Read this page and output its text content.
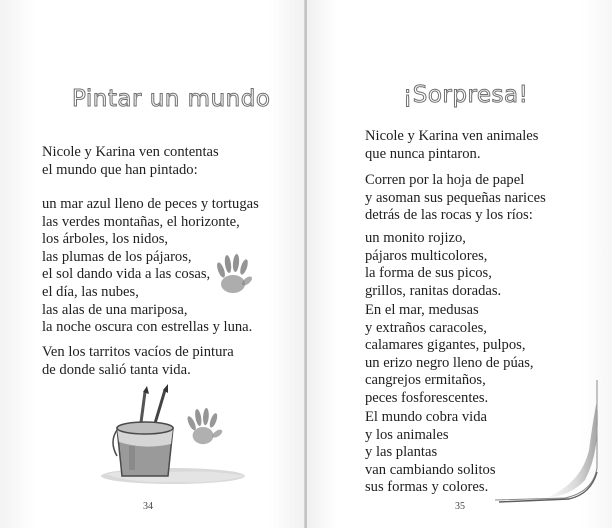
Pintar un mundo
Nicole y Karina ven contentas
el mundo que han pintado:
un mar azul lleno de peces y tortugas
las verdes montañas, el horizonte,
los árboles, los nidos,
las plumas de los pájaros,
el sol dando vida a las cosas,
el día, las nubes,
las alas de una mariposa,
la noche oscura con estrellas y luna.
Ven los tarritos vacíos de pintura
de donde salió tanta vida.
34
¡Sorpresa!
Nicole y Karina ven animales
que nunca pintaron.
Corren por la hoja de papel
y asoman sus pequeñas narices
detrás de las rocas y los ríos:
un monito rojizo,
pájaros multicolores,
la forma de sus picos,
grillos, ranitas doradas.
En el mar, medusas
y extraños caracoles,
calamares gigantes, pulpos,
un erizo negro lleno de púas,
cangrejos ermitaños,
peces fosforescentes.
El mundo cobra vida
y los animales
y las plantas
van cambiando solitos
sus formas y colores.
35
